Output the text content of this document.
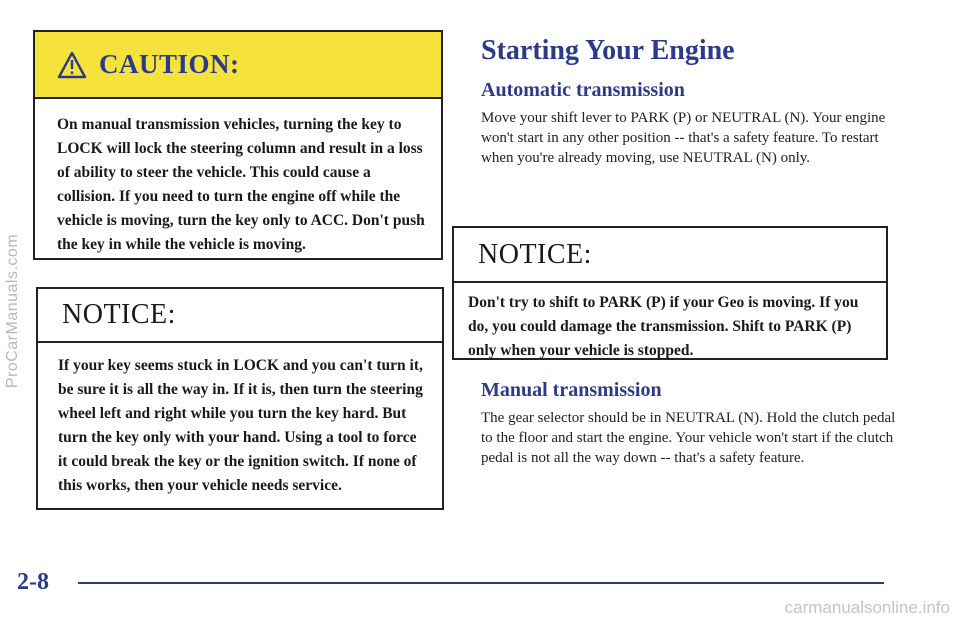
ProCarManuals.com
CAUTION:
On manual transmission vehicles, turning the key to LOCK will lock the steering column and result in a loss of ability to steer the vehicle. This could cause a collision. If you need to turn the engine off while the vehicle is moving, turn the key only to ACC. Don't push the key in while the vehicle is moving.
NOTICE:
If your key seems stuck in LOCK and you can't turn it, be sure it is all the way in. If it is, then turn the steering wheel left and right while you turn the key hard. But turn the key only with your hand. Using a tool to force it could break the key or the ignition switch. If none of this works, then your vehicle needs service.
Starting Your Engine
Automatic transmission

Move your shift lever to PARK (P) or NEUTRAL (N). Your engine won't start in any other position -- that's a safety feature. To restart when you're already moving, use NEUTRAL (N) only.

NOTICE:
Don't try to shift to PARK (P) if your Geo is moving. If you do, you could damage the transmission. Shift to PARK (P) only when your vehicle is stopped.
Manual transmission

The gear selector should be in NEUTRAL (N). Hold the clutch pedal to the floor and start the engine. Your vehicle won't start if the clutch pedal is not all the way down -- that's a safety feature.

2-8
carmanualsonline.info
